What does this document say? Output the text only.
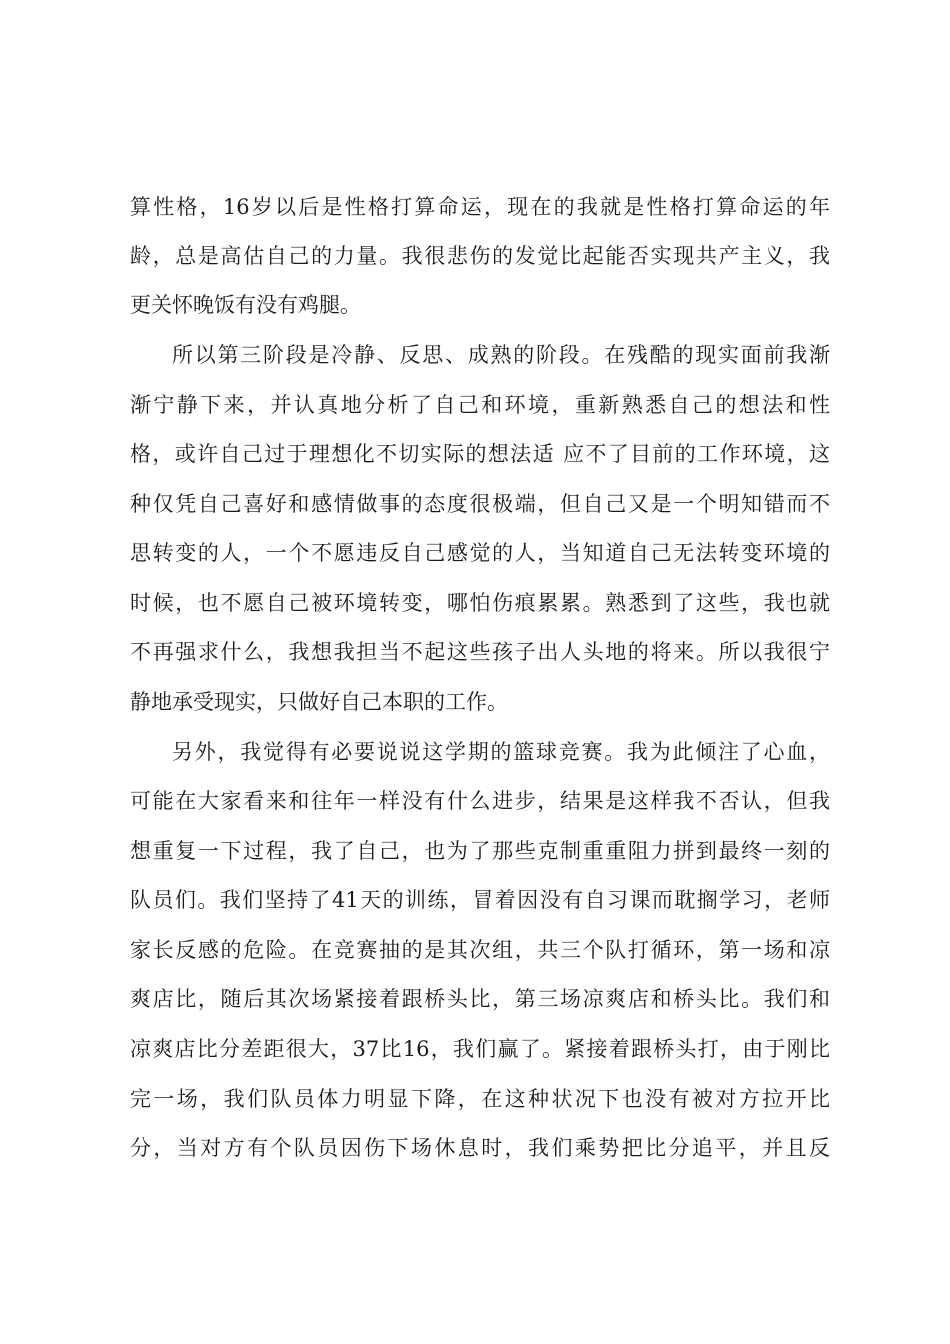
算性格，16岁以后是性格打算命运，现在的我就是性格打算命运的年
龄，总是高估自己的力量。我很悲伤的发觉比起能否实现共产主义，我
更关怀晚饭有没有鸡腿。
所以第三阶段是冷静、反思、成熟的阶段。在残酷的现实面前我渐
渐宁静下来，并认真地分析了自己和环境，重新熟悉自己的想法和性
格，或许自己过于理想化不切实际的想法适 应不了目前的工作环境，这
种仅凭自己喜好和感情做事的态度很极端，但自己又是一个明知错而不
思转变的人，一个不愿违反自己感觉的人，当知道自己无法转变环境的
时候，也不愿自己被环境转变，哪怕伤痕累累。熟悉到了这些，我也就
不再强求什么，我想我担当不起这些孩子出人头地的将来。所以我很宁
静地承受现实，只做好自己本职的工作。
另外，我觉得有必要说说这学期的篮球竞赛。我为此倾注了心血，
可能在大家看来和往年一样没有什么进步，结果是这样我不否认，但我
想重复一下过程，我了自己，也为了那些克制重重阻力拼到最终一刻的
队员们。我们坚持了41天的训练，冒着因没有自习课而耽搁学习，老师
家长反感的危险。在竞赛抽的是其次组，共三个队打循环，第一场和凉
爽店比，随后其次场紧接着跟桥头比，第三场凉爽店和桥头比。我们和
凉爽店比分差距很大，37比16，我们赢了。紧接着跟桥头打，由于刚比
完一场，我们队员体力明显下降，在这种状况下也没有被对方拉开比
分，当对方有个队员因伤下场休息时，我们乘势把比分追平，并且反
